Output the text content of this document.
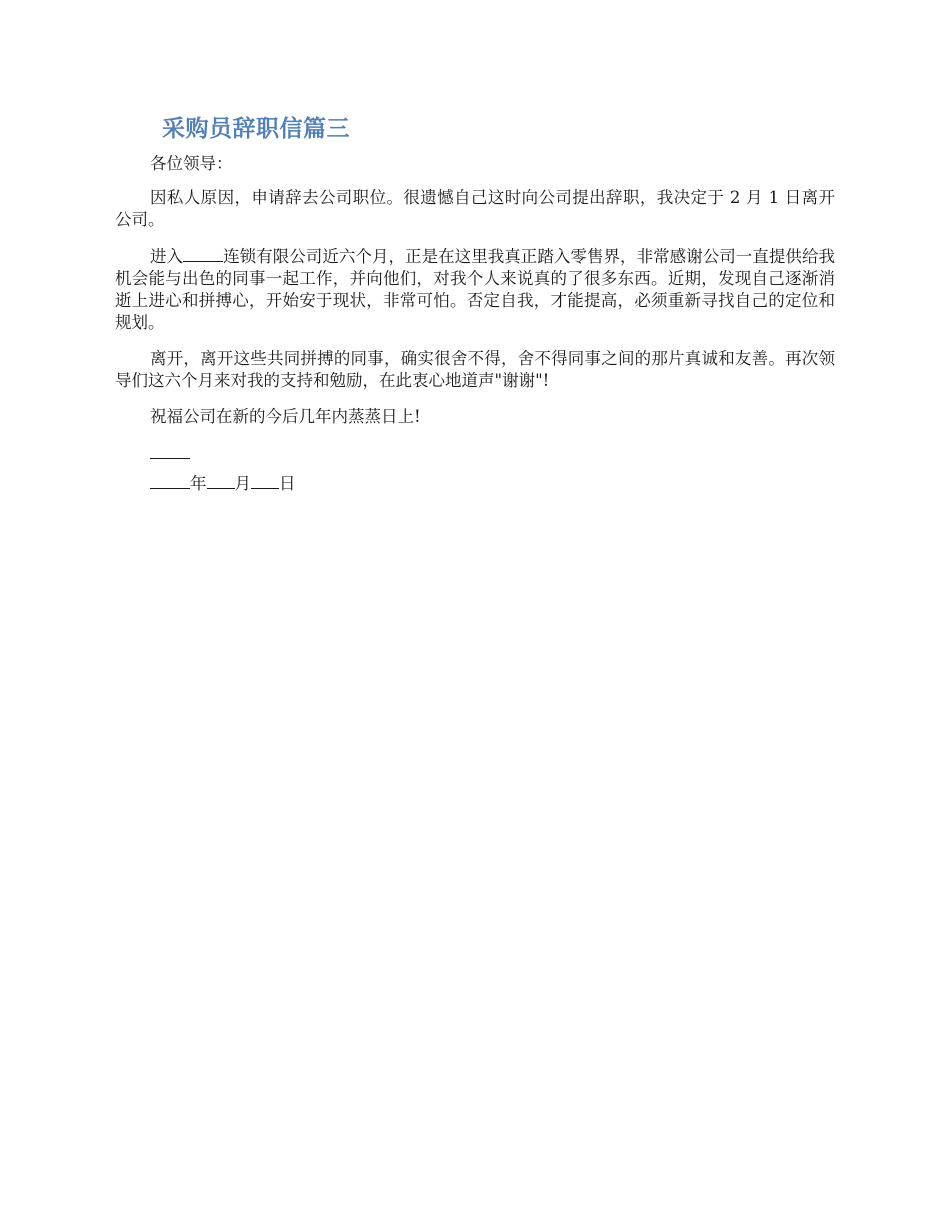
采购员辞职信篇三

各位领导：

因私人原因，申请辞去公司职位。很遗憾自己这时向公司提出辞职，我决定于 2 月 1 日离开公司。

进入 连锁有限公司近六个月，正是在这里我真正踏入零售界，非常感谢公司一直提供给我机会能与出色的同事一起工作，并向他们，对我个人来说真的了很多东西。近期，发现自己逐渐消逝上进心和拼搏心，开始安于现状，非常可怕。否定自我，才能提高，必须重新寻找自己的定位和规划。

离开，离开这些共同拼搏的同事，确实很舍不得，舍不得同事之间的那片真诚和友善。再次领导们这六个月来对我的支持和勉励，在此衷心地道声"谢谢"!

祝福公司在新的今后几年内蒸蒸日上!

年 月 日
